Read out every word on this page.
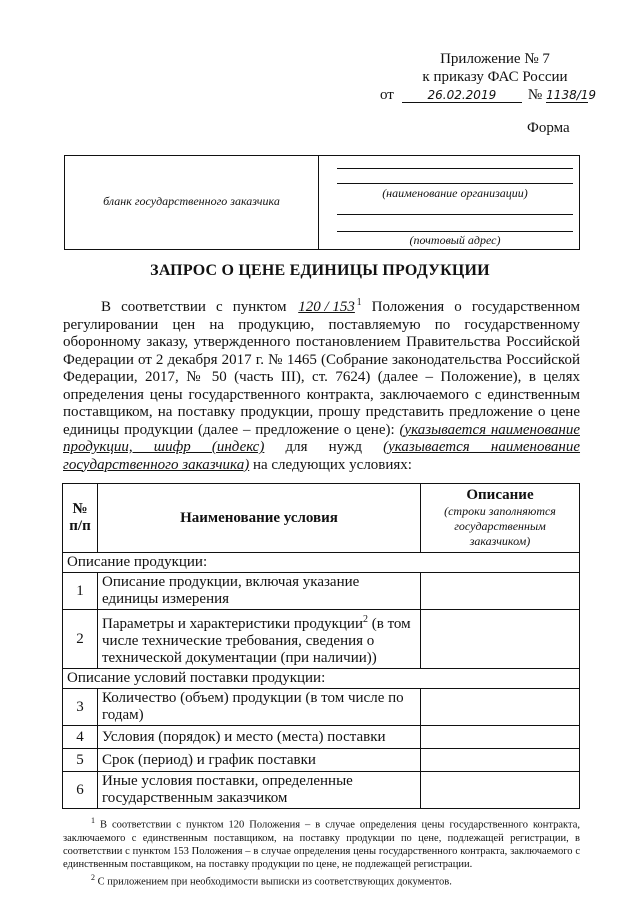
Приложение № 7
к приказу ФАС России
от	26.02.2019	№ 1138/19
Форма
бланк государственного заказчика
(наименование организации)
(почтовый адрес)
ЗАПРОС О ЦЕНЕ ЕДИНИЦЫ ПРОДУКЦИИ
В соответствии с пунктом 120 / 153 $^1$ Положения о государственном регулировании цен на продукцию, поставляемую по государственному оборонному заказу, утвержденного постановлением Правительства Российской Федерации от 2 декабря 2017 г. № 1465 (Собрание законодательства Российской Федерации, 2017, № 50 (часть III), ст. 7624) (далее – Положение), в целях определения цены государственного контракта, заключаемого с единственным поставщиком, на поставку продукции, прошу представить предложение о цене единицы продукции (далее – предложение о цене): (указывается наименование продукции, шифр (индекс) для нужд (указывается наименование государственного заказчика) на следующих условиях:
№ п/п	Наименование условия	Описание
(строки заполняются государственным заказчиком)

Описание продукции:		
1	Описание продукции, включая указание единицы измерения	
2	Параметры и характеристики продукции$^2$ (в том числе технические требования, сведения о технической документации (при наличии))	
Описание условий поставки продукции:		
3	Количество (объем) продукции (в том числе по годам)	
4	Условия (порядок) и место (места) поставки	
5	Срок (период) и график поставки	
6	Иные условия поставки, определенные государственным заказчиком	

$^1$ В соответствии с пунктом 120 Положения – в случае определения цены государственного контракта, заключаемого с единственным поставщиком, на поставку продукции по цене, подлежащей регистрации, в соответствии с пунктом 153 Положения – в случае определения цены государственного контракта, заключаемого с единственным поставщиком, на поставку продукции по цене, не подлежащей регистрации.

$^2$ С приложением при необходимости выписки из соответствующих документов.
